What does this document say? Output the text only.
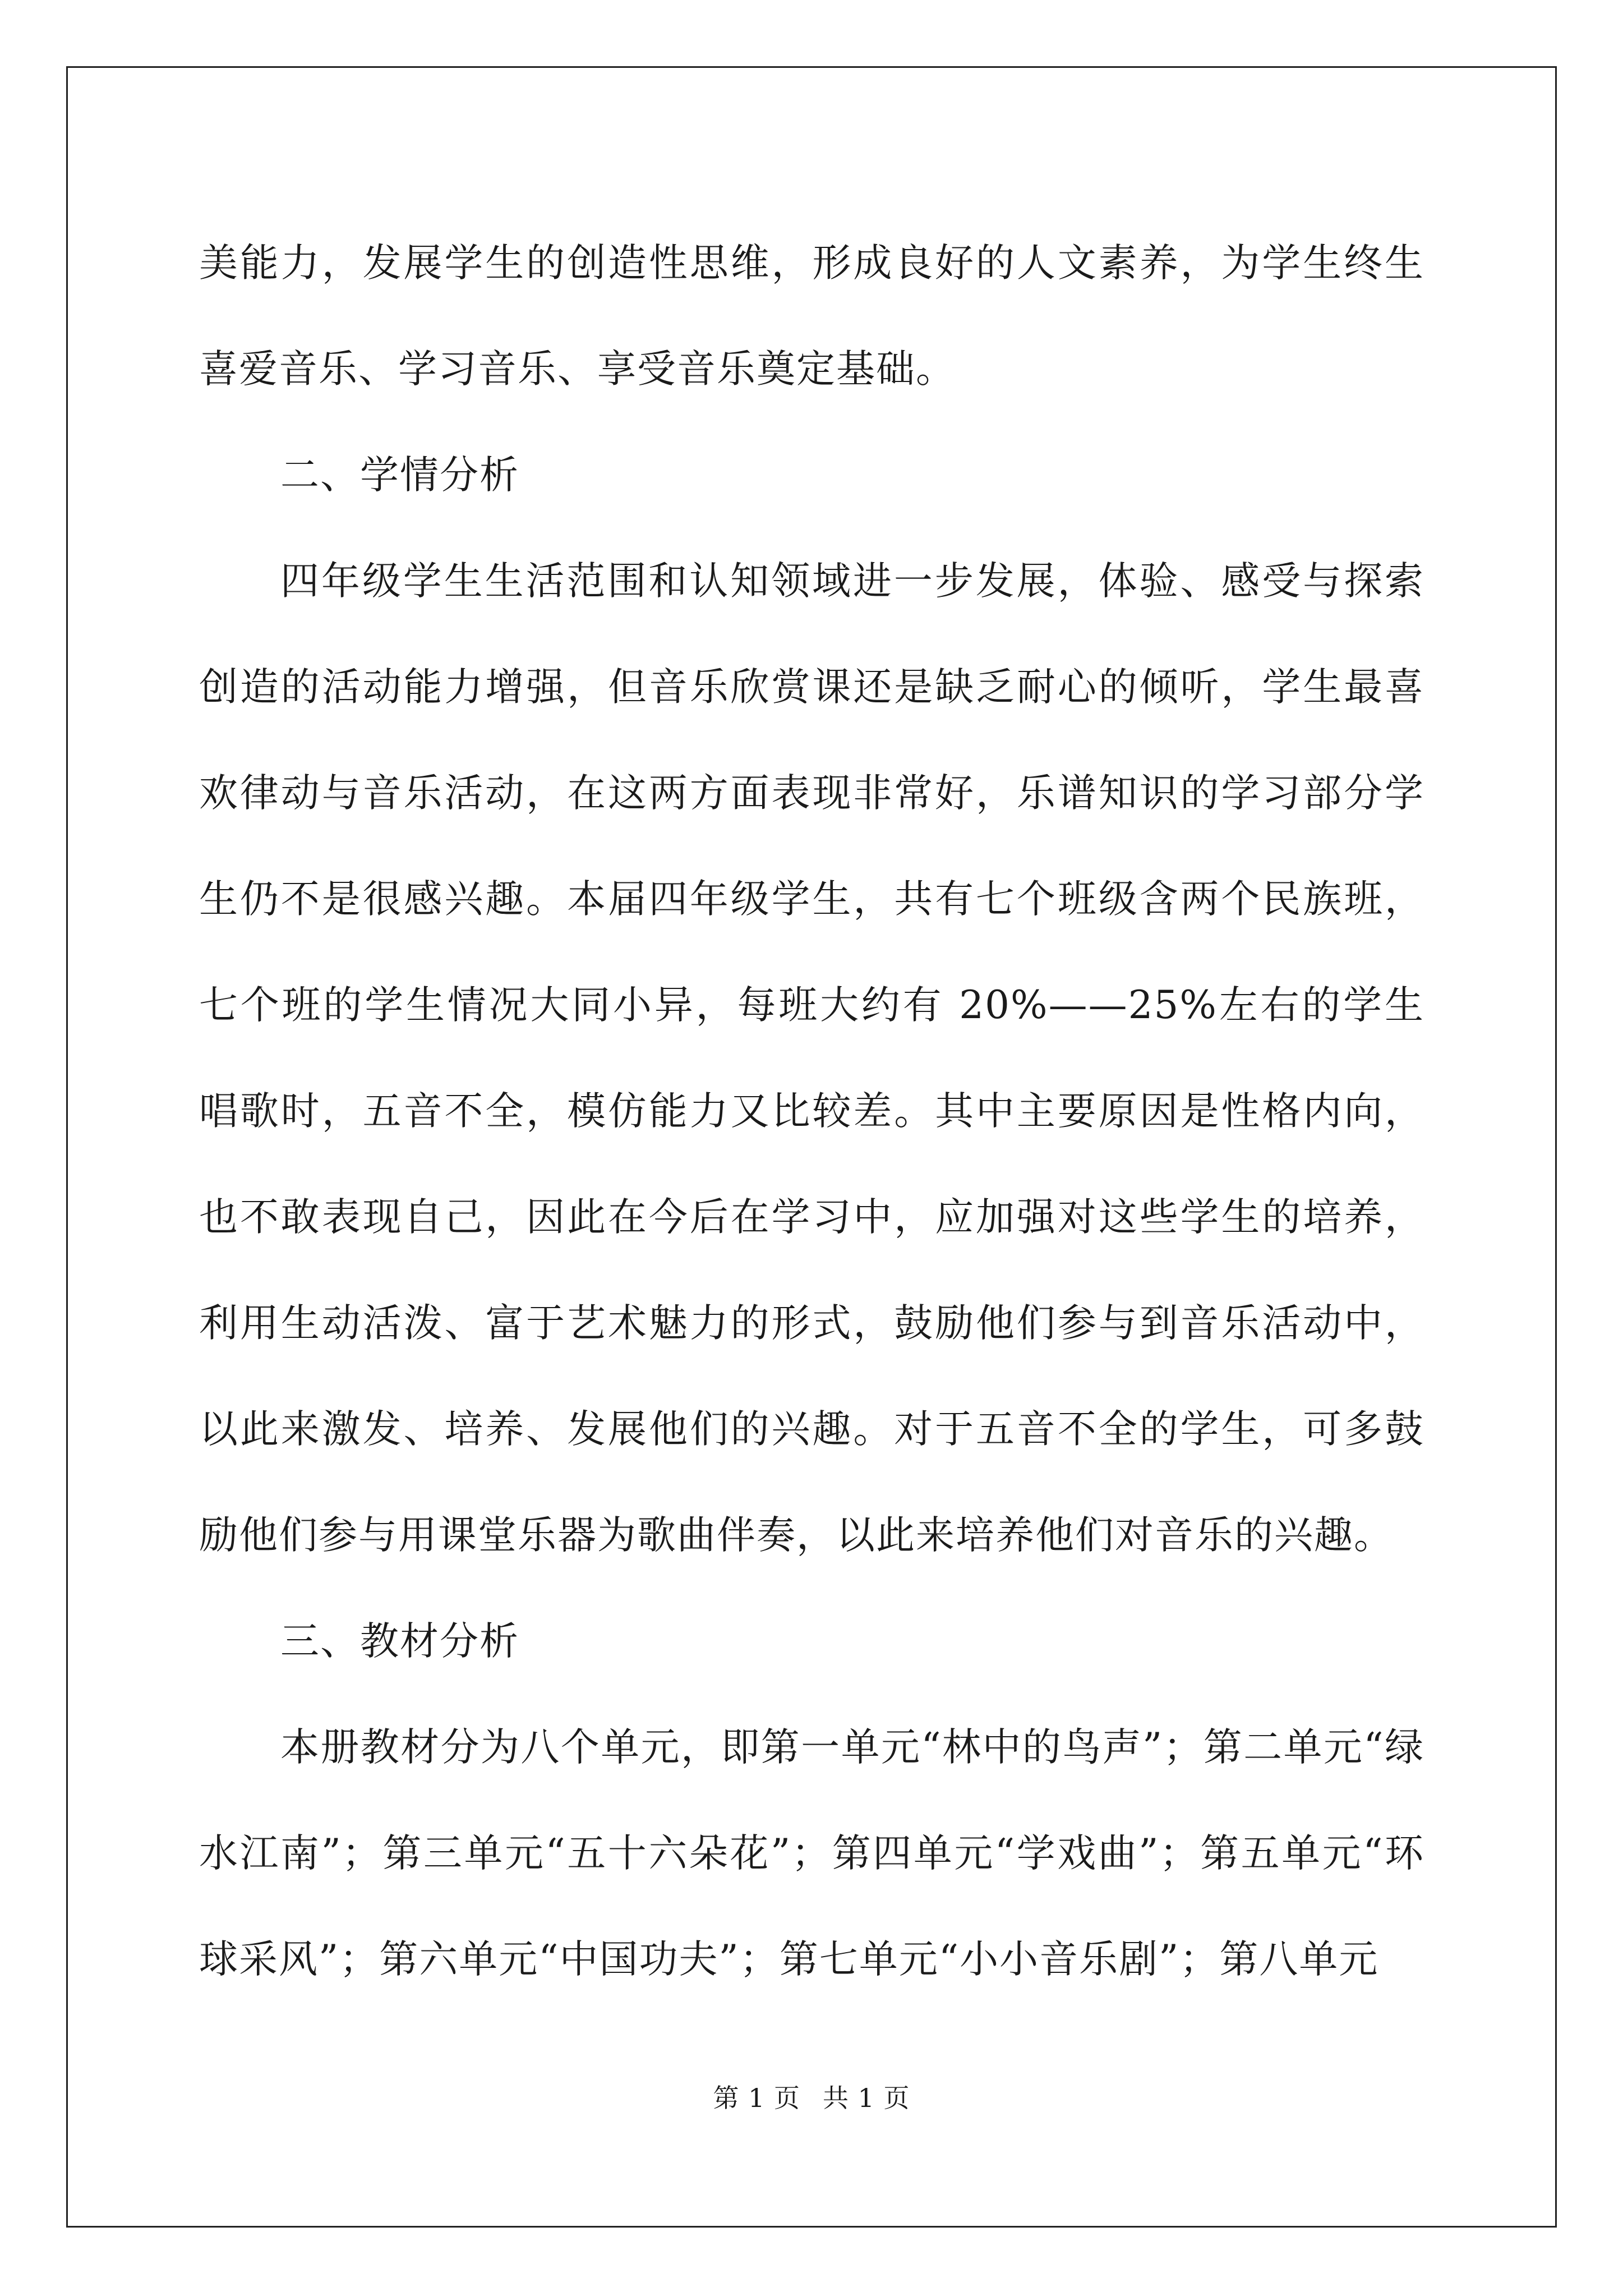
美能力，发展学生的创造性思维，形成良好的人文素养，为学生终生喜爱音乐、学习音乐、享受音乐奠定基础。

二、学情分析

四年级学生生活范围和认知领域进一步发展，体验、感受与探索创造的活动能力增强，但音乐欣赏课还是缺乏耐心的倾听，学生最喜欢律动与音乐活动，在这两方面表现非常好，乐谱知识的学习部分学生仍不是很感兴趣。本届四年级学生，共有七个班级含两个民族班，七个班的学生情况大同小异，每班大约有 20%——25%左右的学生唱歌时，五音不全，模仿能力又比较差。其中主要原因是性格内向，也不敢表现自己，因此在今后在学习中，应加强对这些学生的培养，利用生动活泼、富于艺术魅力的形式，鼓励他们参与到音乐活动中，以此来激发、培养、发展他们的兴趣。对于五音不全的学生，可多鼓励他们参与用课堂乐器为歌曲伴奏，以此来培养他们对音乐的兴趣。

三、教材分析

本册教材分为八个单元，即第一单元“林中的鸟声”；第二单元“绿水江南”；第三单元“五十六朵花”；第四单元“学戏曲”；第五单元“环球采风”；第六单元“中国功夫”；第七单元“小小音乐剧”；第八单元

第 1 页 共 1 页
